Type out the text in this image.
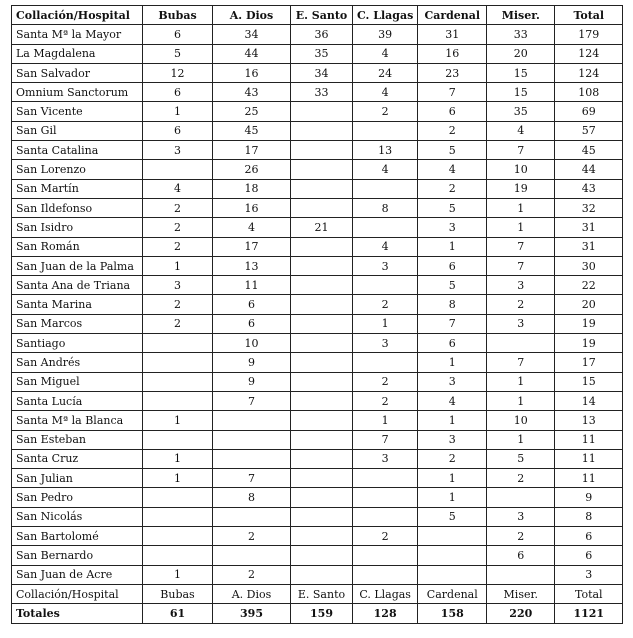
Collación/Hospital	Bubas	A. Dios	E. Santo	C. Llagas	Cardenal	Miser.	Total
Santa Mª la Mayor	6	34	36	39	31	33	179
La Magdalena	5	44	35	4	16	20	124
San Salvador	12	16	34	24	23	15	124
Omnium Sanctorum	6	43	33	4	7	15	108
San Vicente	1	25		2	6	35	69
San Gil	6	45			2	4	57
Santa Catalina	3	17		13	5	7	45
San Lorenzo		26		4	4	10	44
San Martín	4	18			2	19	43
San Ildefonso	2	16		8	5	1	32
San Isidro	2	4	21		3	1	31
San Román	2	17		4	1	7	31
San Juan de la Palma	1	13		3	6	7	30
Santa Ana de Triana	3	11			5	3	22
Santa Marina	2	6		2	8	2	20
San Marcos	2	6		1	7	3	19
Santiago		10		3	6		19
San Andrés		9			1	7	17
San Miguel		9		2	3	1	15
Santa Lucía		7		2	4	1	14
Santa Mª la Blanca	1			1	1	10	13
San Esteban				7	3	1	11
Santa Cruz	1			3	2	5	11
San Julian	1	7			1	2	11
San Pedro		8			1		9
San Nicolás					5	3	8
San Bartolomé		2		2		2	6
San Bernardo						6	6
San Juan de Acre	1	2					3
Collación/Hospital	Bubas	A. Dios	E. Santo	C. Llagas	Cardenal	Miser.	Total
Totales	61	395	159	128	158	220	1121
